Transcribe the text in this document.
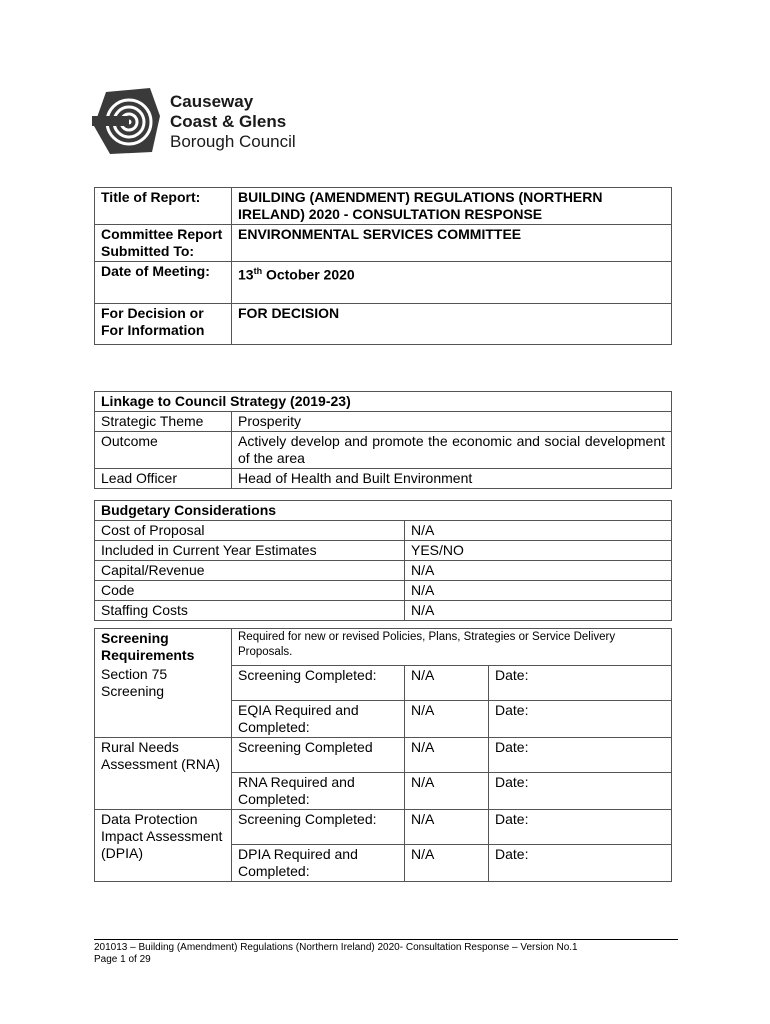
Causeway
Coast & Glens
Borough Council
Title of Report:	BUILDING (AMENDMENT) REGULATIONS (NORTHERN IRELAND) 2020 - CONSULTATION RESPONSE
Committee Report Submitted To:	ENVIRONMENTAL SERVICES COMMITTEE
Date of Meeting:	13th October 2020
For Decision or For Information	FOR DECISION
Linkage to Council Strategy (2019-23)	
Strategic Theme	Prosperity
Outcome	Actively develop and promote the economic and social development of the area
Lead Officer	Head of Health and Built Environment
Budgetary Considerations	
Cost of Proposal	N/A
Included in Current Year Estimates	YES/NO
Capital/Revenue	N/A
Code	N/A
Staffing Costs	N/A
Screening Requirements	Required for new or revised Policies, Plans, Strategies or Service Delivery Proposals.		
Section 75 Screening	Screening Completed:	N/A	Date:
	EQIA Required and Completed:	N/A	Date:
Rural Needs Assessment (RNA)	Screening Completed	N/A	Date:
	RNA Required and Completed:	N/A	Date:
Data Protection Impact Assessment (DPIA)	Screening Completed:	N/A	Date:
	DPIA Required and Completed:	N/A	Date:
201013 – Building (Amendment) Regulations (Northern Ireland) 2020- Consultation Response – Version No.1
Page 1 of 29
